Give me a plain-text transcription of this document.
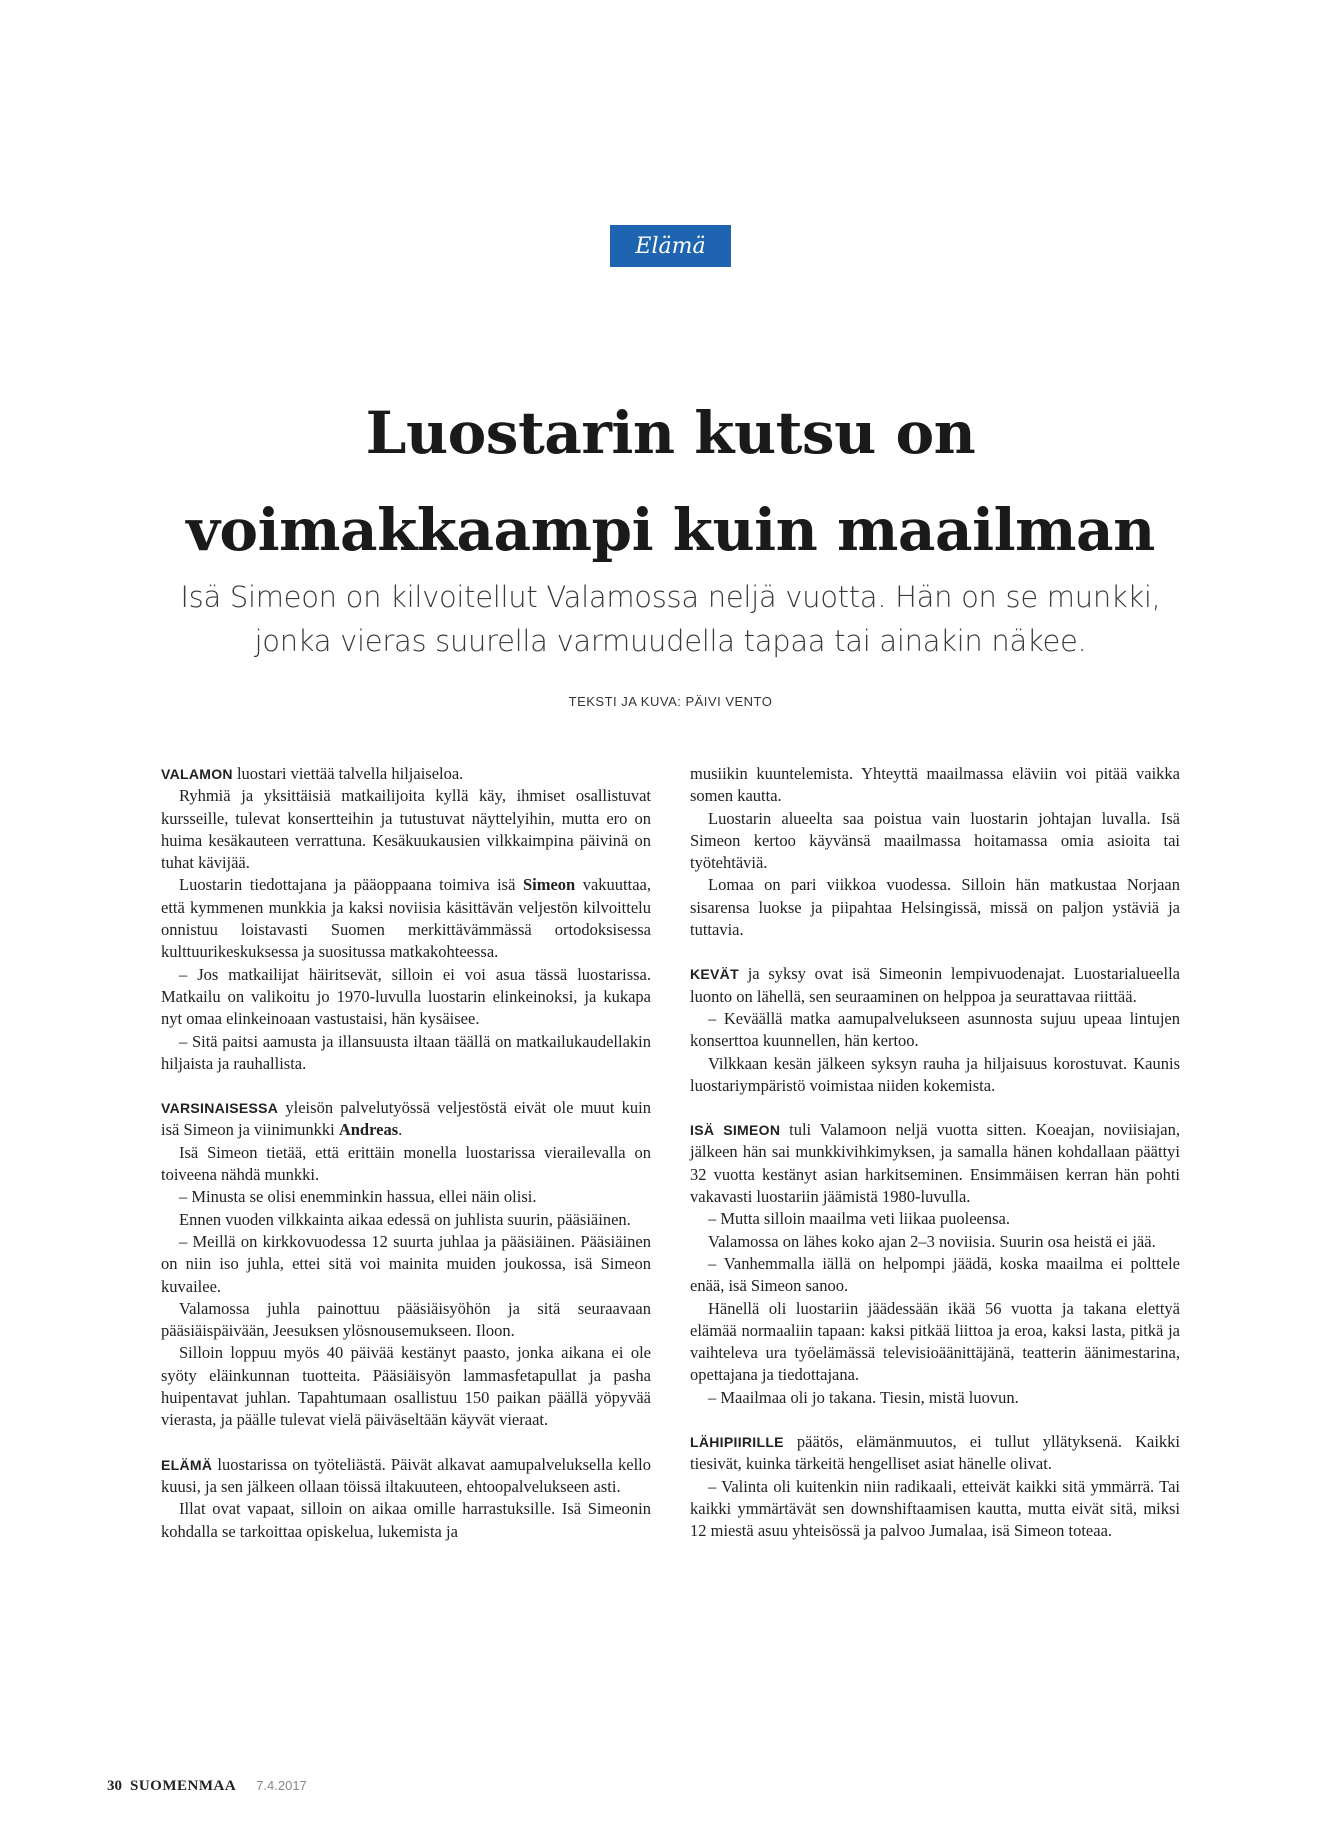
Elämä
Luostarin kutsu on
voimakkaampi kuin maailman
Isä Simeon on kilvoitellut Valamossa neljä vuotta. Hän on se munkki,
jonka vieras suurella varmuudella tapaa tai ainakin näkee.
TEKSTI JA KUVA: PÄIVI VENTO

VALAMON luostari viettää talvella hiljaiseloa.

Ryhmiä ja yksittäisiä matkailijoita kyllä käy, ihmiset osallistuvat kursseille, tulevat konsertteihin ja tutustuvat näyttelyihin, mutta ero on huima kesäkauteen verrattuna. Kesäkuukausien vilkkaimpina päivinä on tuhat kävijää.

Luostarin tiedottajana ja pääoppaana toimiva isä Simeon vakuuttaa, että kymmenen munkkia ja kaksi noviisia käsittävän veljestön kilvoittelu onnistuu loistavasti Suomen merkittävämmässä ortodoksisessa kulttuurikeskuksessa ja suositussa matkakohteessa.

– Jos matkailijat häiritsevät, silloin ei voi asua tässä luostarissa. Matkailu on valikoitu jo 1970-luvulla luostarin elinkeinoksi, ja kukapa nyt omaa elinkeinoaan vastustaisi, hän kysäisee.

– Sitä paitsi aamusta ja illansuusta iltaan täällä on matkailukaudellakin hiljaista ja rauhallista.

VARSINAISESSA yleisön palvelutyössä veljestöstä eivät ole muut kuin isä Simeon ja viinimunkki Andreas.

Isä Simeon tietää, että erittäin monella luostarissa vierailevalla on toiveena nähdä munkki.

– Minusta se olisi enemminkin hassua, ellei näin olisi.

Ennen vuoden vilkkainta aikaa edessä on juhlista suurin, pääsiäinen.

– Meillä on kirkkovuodessa 12 suurta juhlaa ja pääsiäinen. Pääsiäinen on niin iso juhla, ettei sitä voi mainita muiden joukossa, isä Simeon kuvailee.

Valamossa juhla painottuu pääsiäisyöhön ja sitä seuraavaan pääsiäispäivään, Jeesuksen ylösnousemukseen. Iloon.

Silloin loppuu myös 40 päivää kestänyt paasto, jonka aikana ei ole syöty eläinkunnan tuotteita. Pääsiäisyön lammasfetapullat ja pasha huipentavat juhlan. Tapahtumaan osallistuu 150 paikan päällä yöpyvää vierasta, ja päälle tulevat vielä päiväseltään käyvät vieraat.

ELÄMÄ luostarissa on työteliästä. Päivät alkavat aamupalveluksella kello kuusi, ja sen jälkeen ollaan töissä iltakuuteen, ehtoopalvelukseen asti.

Illat ovat vapaat, silloin on aikaa omille harrastuksille. Isä Simeonin kohdalla se tarkoittaa opiskelua, lukemista ja

musiikin kuuntelemista. Yhteyttä maailmassa eläviin voi pitää vaikka somen kautta.

Luostarin alueelta saa poistua vain luostarin johtajan luvalla. Isä Simeon kertoo käyvänsä maailmassa hoitamassa omia asioita tai työtehtäviä.

Lomaa on pari viikkoa vuodessa. Silloin hän matkustaa Norjaan sisarensa luokse ja piipahtaa Helsingissä, missä on paljon ystäviä ja tuttavia.

KEVÄT ja syksy ovat isä Simeonin lempivuodenajat. Luostarialueella luonto on lähellä, sen seuraaminen on helppoa ja seurattavaa riittää.

– Keväällä matka aamupalvelukseen asunnosta sujuu upeaa lintujen konserttoa kuunnellen, hän kertoo.

Vilkkaan kesän jälkeen syksyn rauha ja hiljaisuus korostuvat. Kaunis luostariympäristö voimistaa niiden kokemista.

ISÄ SIMEON tuli Valamoon neljä vuotta sitten. Koeajan, noviisiajan, jälkeen hän sai munkkivihkimyksen, ja samalla hänen kohdallaan päättyi 32 vuotta kestänyt asian harkitseminen. Ensimmäisen kerran hän pohti vakavasti luostariin jäämistä 1980-luvulla.

– Mutta silloin maailma veti liikaa puoleensa.

Valamossa on lähes koko ajan 2–3 noviisia. Suurin osa heistä ei jää.

– Vanhemmalla iällä on helpompi jäädä, koska maailma ei polttele enää, isä Simeon sanoo.

Hänellä oli luostariin jäädessään ikää 56 vuotta ja takana elettyä elämää normaaliin tapaan: kaksi pitkää liittoa ja eroa, kaksi lasta, pitkä ja vaihteleva ura työelämässä televisioäänittäjänä, teatterin äänimestarina, opettajana ja tiedottajana.

– Maailmaa oli jo takana. Tiesin, mistä luovun.

LÄHIPIIRILLE päätös, elämänmuutos, ei tullut yllätyksenä. Kaikki tiesivät, kuinka tärkeitä hengelliset asiat hänelle olivat.

– Valinta oli kuitenkin niin radikaali, etteivät kaikki sitä ymmärrä. Tai kaikki ymmärtävät sen downshiftaamisen kautta, mutta eivät sitä, miksi 12 miestä asuu yhteisössä ja palvoo Jumalaa, isä Simeon toteaa.

30 SUOMENMAA 7.4.2017
